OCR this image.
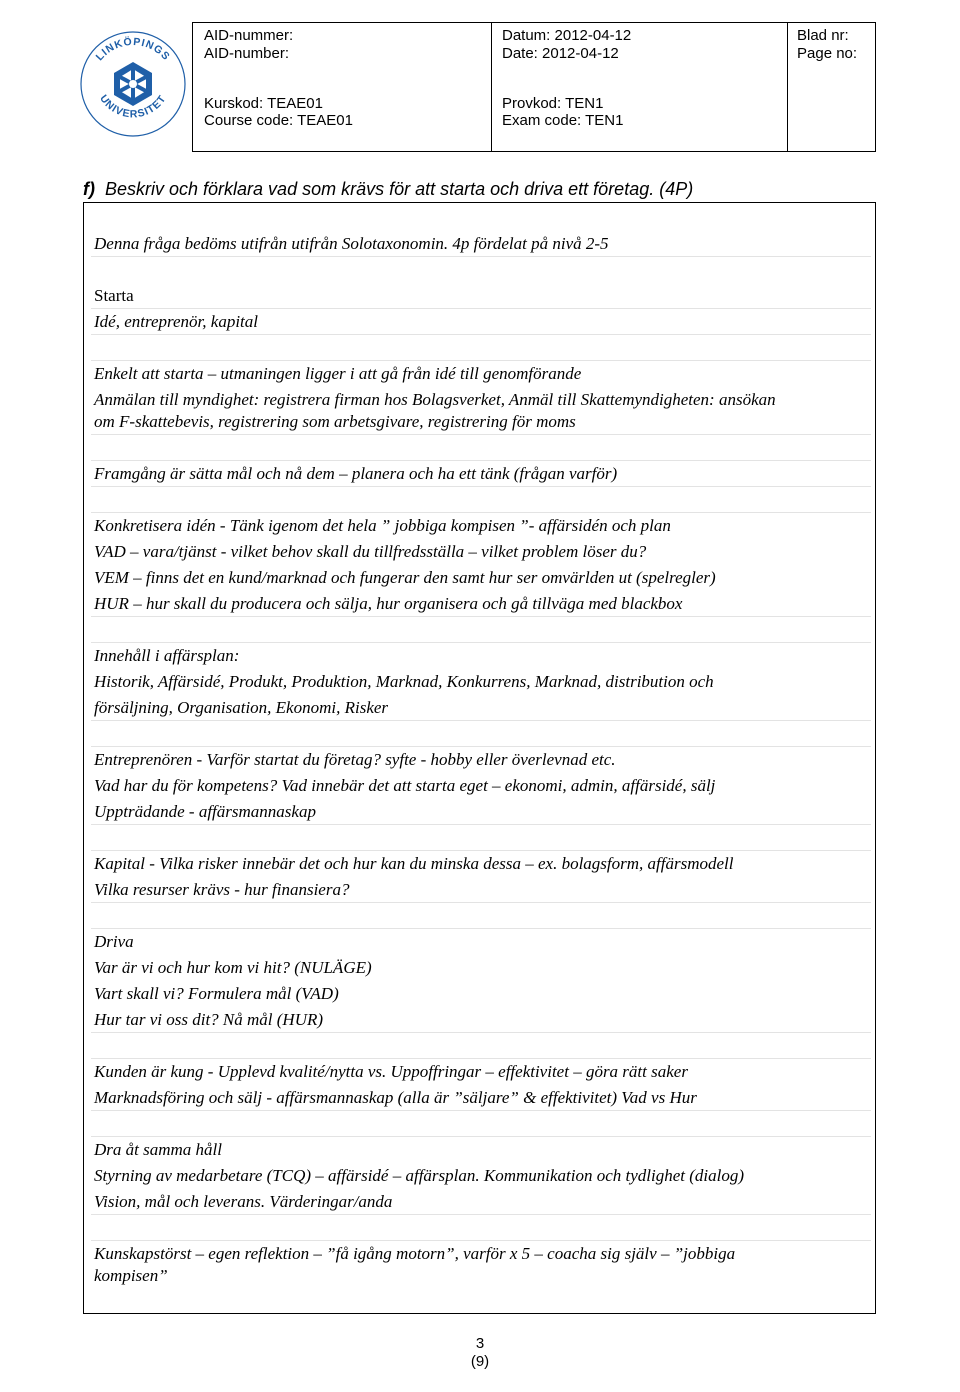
LINKÖPINGS
UNIVERSITET
AID-nummer:
AID-number:
Kurskod: TEAE01
Course code: TEAE01
Datum: 2012-04-12
Date: 2012-04-12
Provkod: TEN1
Exam code: TEN1
Blad nr:
Page no:
f) Beskriv och förklara vad som krävs för att starta och driva ett företag. (4P)
Denna fråga bedöms utifrån utifrån Solotaxonomin. 4p fördelat på nivå 2-5
Starta
Idé, entreprenör, kapital
Enkelt att starta – utmaningen ligger i att gå från idé till genomförande
Anmälan till myndighet: registrera firman hos Bolagsverket, Anmäl till Skattemyndigheten: ansökan
om F-skattebevis, registrering som arbetsgivare, registrering för moms
Framgång är sätta mål och nå dem – planera och ha ett tänk (frågan varför)
Konkretisera idén - Tänk igenom det hela ” jobbiga kompisen ”- affärsidén och plan
VAD – vara/tjänst - vilket behov skall du tillfredsställa – vilket problem löser du?
VEM – finns det en kund/marknad och fungerar den samt hur ser omvärlden ut (spelregler)
HUR – hur skall du producera och sälja, hur organisera och gå tillväga med blackbox
Innehåll i affärsplan:
Historik, Affärsidé, Produkt, Produktion, Marknad, Konkurrens, Marknad, distribution och
försäljning, Organisation, Ekonomi, Risker
Entreprenören - Varför startat du företag? syfte - hobby eller överlevnad etc.
Vad har du för kompetens? Vad innebär det att starta eget – ekonomi, admin, affärsidé, sälj
Uppträdande - affärsmannaskap
Kapital - Vilka risker innebär det och hur kan du minska dessa – ex. bolagsform, affärsmodell
Vilka resurser krävs - hur finansiera?
Driva
Var är vi och hur kom vi hit? (NULÄGE)
Vart skall vi? Formulera mål (VAD)
Hur tar vi oss dit? Nå mål (HUR)
Kunden är kung - Upplevd kvalité/nytta vs. Uppoffringar – effektivitet – göra rätt saker
Marknadsföring och sälj - affärsmannaskap (alla är ”säljare” & effektivitet) Vad vs Hur
Dra åt samma håll
Styrning av medarbetare (TCQ) – affärsidé – affärsplan. Kommunikation och tydlighet (dialog)
Vision, mål och leverans. Värderingar/anda
Kunskapstörst – egen reflektion – ”få igång motorn”, varför x 5 – coacha sig själv – ”jobbiga
kompisen”
3
(9)
